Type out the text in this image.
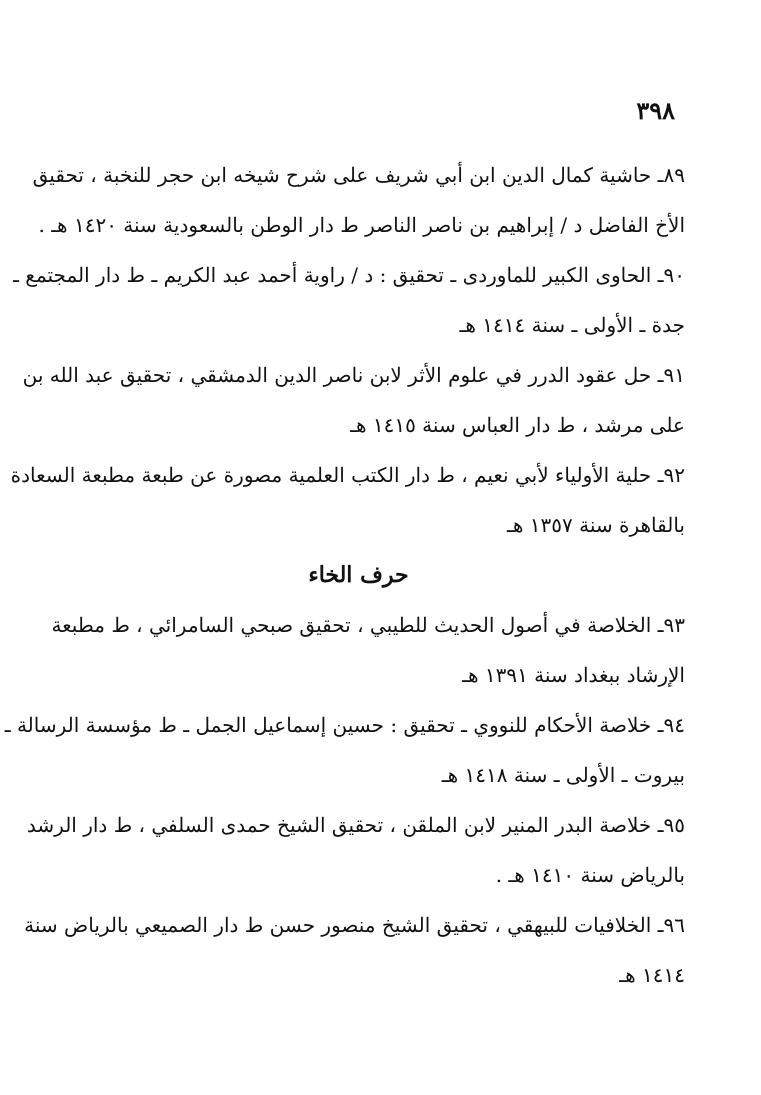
٣٩٨
٨٩ـ حاشية كمال الدين ابن أبي شريف على شرح شيخه ابن حجر للنخبة ، تحقيق
الأخ الفاضل د / إبراهيم بن ناصر الناصر ط دار الوطن بالسعودية سنة ١٤٢٠ هـ .
٩٠ـ الحاوى الكبير للماوردى ـ تحقيق : د / راوية أحمد عبد الكريم ـ ط دار المجتمع ـ
جدة ـ الأولى ـ سنة ١٤١٤ هـ
٩١ـ حل عقود الدرر في علوم الأثر لابن ناصر الدين الدمشقي ، تحقيق عبد الله بن
على مرشد ، ط دار العباس سنة ١٤١٥ هـ
٩٢ـ حلية الأولياء لأبي نعيم ، ط دار الكتب العلمية مصورة عن طبعة مطبعة السعادة
بالقاهرة سنة ١٣٥٧ هـ
حرف الخاء
٩٣ـ الخلاصة في أصول الحديث للطيبي ، تحقيق صبحي السامرائي ، ط مطبعة
الإرشاد ببغداد سنة ١٣٩١ هـ
٩٤ـ خلاصة الأحكام للنووي ـ تحقيق : حسين إسماعيل الجمل ـ ط مؤسسة الرسالة ـ
بيروت ـ الأولى ـ سنة ١٤١٨ هـ
٩٥ـ خلاصة البدر المنير لابن الملقن ، تحقيق الشيخ حمدى السلفي ، ط دار الرشد
بالرياض سنة ١٤١٠ هـ .
٩٦ـ الخلافيات للبيهقي ، تحقيق الشيخ منصور حسن ط دار الصميعي بالرياض سنة
١٤١٤ هـ
